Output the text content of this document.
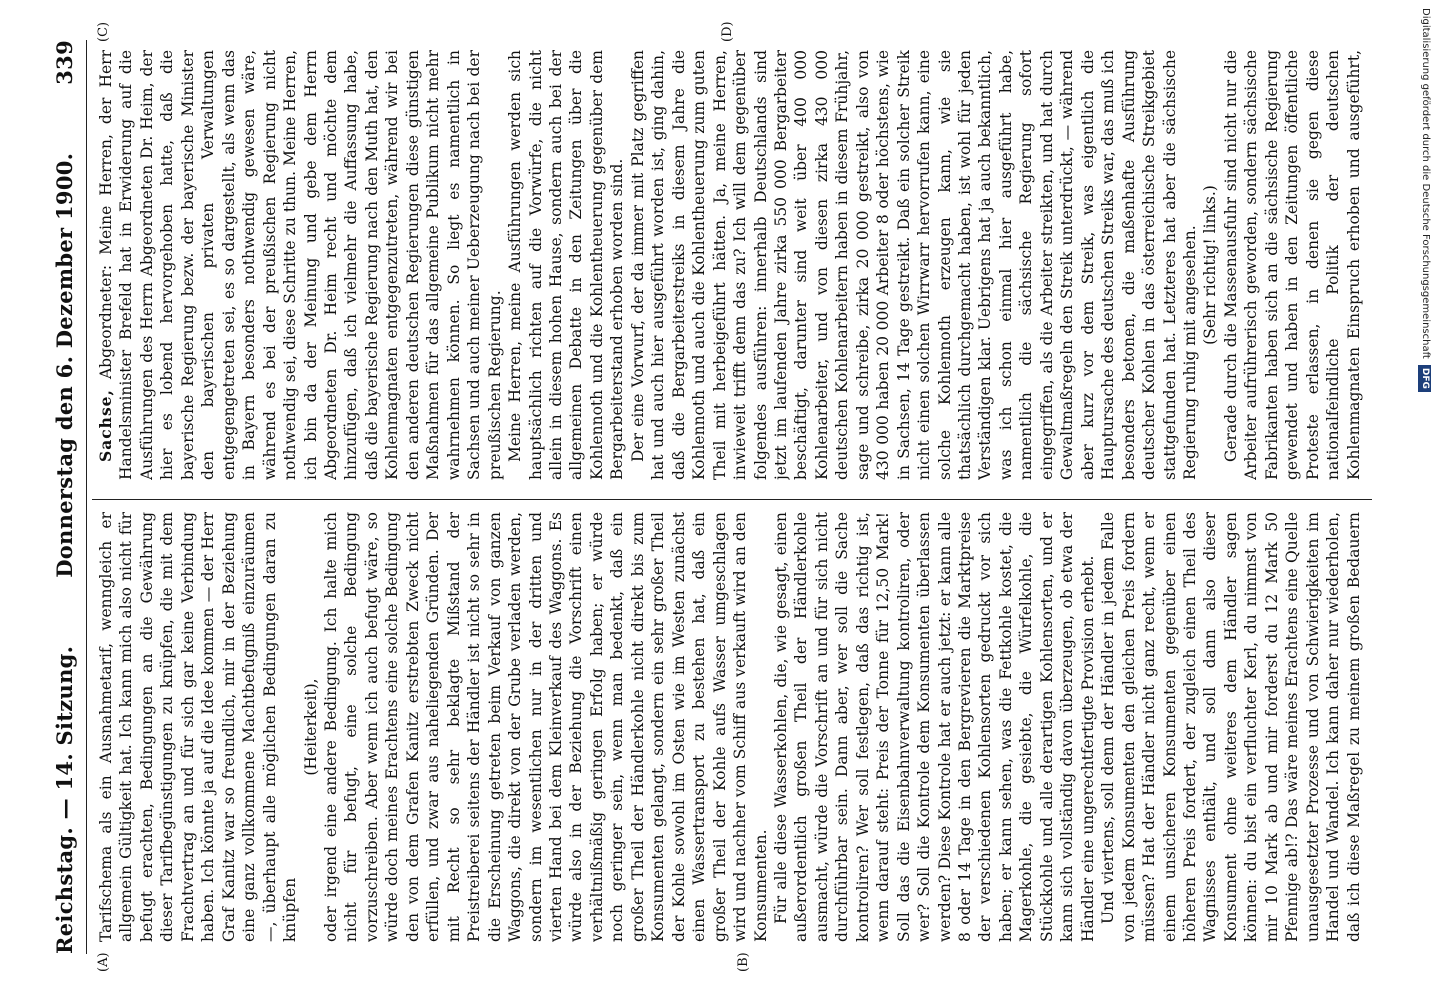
Reichstag. — 14. Sitzung.
Donnerstag den 6. Dezember 1900.
339
(A)	(B)
(C)	(D)

Tarifschema als ein Ausnahmetarif, wenngleich er allgemein Gültigkeit hat. Ich kann mich also nicht für befugt erachten, Bedingungen an die Gewährung dieser Tarifbegünstigungen zu knüpfen, die mit dem Frachtvertrag an und für sich gar keine Verbindung haben. Ich könnte ja auf die Idee kommen — der Herr Graf Kanitz war so freundlich, mir in der Beziehung eine ganz vollkommene Machtbefugniß einzuräumen —, überhaupt alle möglichen Bedingungen daran zu knüpfen

(Heiterkeit), oder irgend eine andere Bedingung. Ich halte mich nicht für befugt, eine solche Bedingung vorzuschreiben. Aber wenn ich auch befugt wäre, so würde doch meines Erachtens eine solche Bedingung den von dem Grafen Kanitz erstrebten Zweck nicht erfüllen, und zwar aus naheliegenden Gründen. Der mit Recht so sehr beklagte Mißstand der Preistreiberei seitens der Händler ist nicht so sehr in die Erscheinung getreten beim Verkauf von ganzen Waggons, die direkt von der Grube verladen werden, sondern im wesentlichen nur in der dritten und vierten Hand bei dem Kleinverkauf des Waggons. Es würde also in der Beziehung die Vorschrift einen verhältnißmäßig geringen Erfolg haben; er würde noch geringer sein, wenn man bedenkt, daß ein großer Theil der Händlerkohle nicht direkt bis zum Konsumenten gelangt, sondern ein sehr großer Theil der Kohle sowohl im Osten wie im Westen zunächst einen Wassertransport zu bestehen hat, daß ein großer Theil der Kohle aufs Wasser umgeschlagen wird und nachher vom Schiff aus verkauft wird an den Konsumenten. Für alle diese Wasserkohlen, die, wie gesagt, einen außerordentlich großen Theil der Händlerkohle ausmacht, würde die Vorschrift an und für sich nicht durchführbar sein. Dann aber, wer soll die Sache kontroliren? Wer soll festlegen, daß das richtig ist, wenn darauf steht: Preis der Tonne für 12,50 Mark! Soll das die Eisenbahnverwaltung kontroliren, oder wer? Soll die Kontrole dem Konsumenten überlassen werden? Diese Kontrole hat er auch jetzt: er kann alle 8 oder 14 Tage in den Bergrevieren die Marktpreise der verschiedenen Kohlensorten gedruckt vor sich haben; er kann sehen, was die Fettkohle kostet, die Magerkohle, die gesiebte, die Würfelkohle, die Stückkohle und alle derartigen Kohlensorten, und er kann sich vollständig davon überzeugen, ob etwa der Händler eine ungerechtfertigte Provision erhebt. Und viertens, soll denn der Händler in jedem Falle von jedem Konsumenten den gleichen Preis fordern müssen? Hat der Händler nicht ganz recht, wenn er einem unsicheren Konsumenten gegenüber einen höheren Preis fordert, der zugleich einen Theil des Wagnisses enthält, und soll dann also dieser Konsument ohne weiteres dem Händler sagen können: du bist ein verfluchter Kerl, du nimmst von mir 10 Mark ab und mir forderst du 12 Mark 50 Pfennige ab!? Das wäre meines Erachtens eine Quelle unausgesetzter Prozesse und von Schwierigkeiten im Handel und Wandel. Ich kann daher nur wiederholen, daß ich diese Maßregel zu meinem großen Bedauern

Sachse, Abgeordneter: Meine Herren, der Herr Handelsminister Brefeld hat in Erwiderung auf die Ausführungen des Herrn Abgeordneten Dr. Heim, der hier es lobend hervorgehoben hatte, daß die bayerische Regierung bezw. der bayerische Minister den bayerischen privaten Verwaltungen entgegengetreten sei, es so dargestellt, als wenn das in Bayern besonders nothwendig gewesen wäre, während es bei der preußischen Regierung nicht nothwendig sei, diese Schritte zu thun. Meine Herren, ich bin da der Meinung und gebe dem Herrn Abgeordneten Dr. Heim recht und möchte dem hinzufügen, daß ich vielmehr die Auffassung habe, daß die bayerische Regierung nach den Muth hat, den Kohlenmagnaten entgegenzutreten, während wir bei den anderen deutschen Regierungen diese günstigen Maßnahmen für das allgemeine Publikum nicht mehr wahrnehmen können. So liegt es namentlich in Sachsen und auch meiner Ueberzeugung nach bei der preußischen Regierung. Meine Herren, meine Ausführungen werden sich hauptsächlich richten auf die Vorwürfe, die nicht allein in diesem hohen Hause, sondern auch bei der allgemeinen Debatte in den Zeitungen über die Kohlennoth und die Kohlentheuerung gegenüber dem Bergarbeiterstand erhoben worden sind. Der eine Vorwurf, der da immer mit Platz gegriffen hat und auch hier ausgeführt worden ist, ging dahin, daß die Bergarbeiterstreiks in diesem Jahre die Kohlennoth und auch die Kohlentheuerung zum guten Theil mit herbeigeführt hätten. Ja, meine Herren, inwieweit trifft denn das zu? Ich will dem gegenüber folgendes ausführen: innerhalb Deutschlands sind jetzt im laufenden Jahre zirka 550 000 Bergarbeiter beschäftigt, darunter sind weit über 400 000 Kohlenarbeiter, und von diesen zirka 430 000 deutschen Kohlenarbeitern haben in diesem Frühjahr, sage und schreibe, zirka 20 000 gestreikt, also von 430 000 haben 20 000 Arbeiter 8 oder höchstens, wie in Sachsen, 14 Tage gestreikt. Daß ein solcher Streik nicht einen solchen Wirrwarr hervorrufen kann, eine solche Kohlennoth erzeugen kann, wie sie thatsächlich durchgemacht haben, ist wohl für jeden Verständigen klar. Uebrigens hat ja auch bekanntlich, was ich schon einmal hier ausgeführt habe, namentlich die sächsische Regierung sofort eingegriffen, als die Arbeiter streikten, und hat durch Gewaltmaßregeln den Streik unterdrückt, — während aber kurz vor dem Streik, was eigentlich die Hauptursache des deutschen Streiks war, das muß ich besonders betonen, die maßenhafte Ausführung deutscher Kohlen in das österreichische Streikgebiet stattgefunden hat. Letzteres hat aber die sächsische Regierung ruhig mit angesehen. (Sehr richtig! links.)

Gerade durch die Massenausfuhr sind nicht nur die Arbeiter aufrührerisch geworden, sondern sächsische Fabrikanten haben sich an die sächsische Regierung gewendet und haben in den Zeitungen öffentliche Proteste erlassen, in denen sie gegen diese nationalfeindliche Politik der deutschen Kohlenmagnaten Einspruch erhoben und ausgeführt,	Digitalisierung gefördert durch die Deutsche Forschungsgemeinschaft
DFG
